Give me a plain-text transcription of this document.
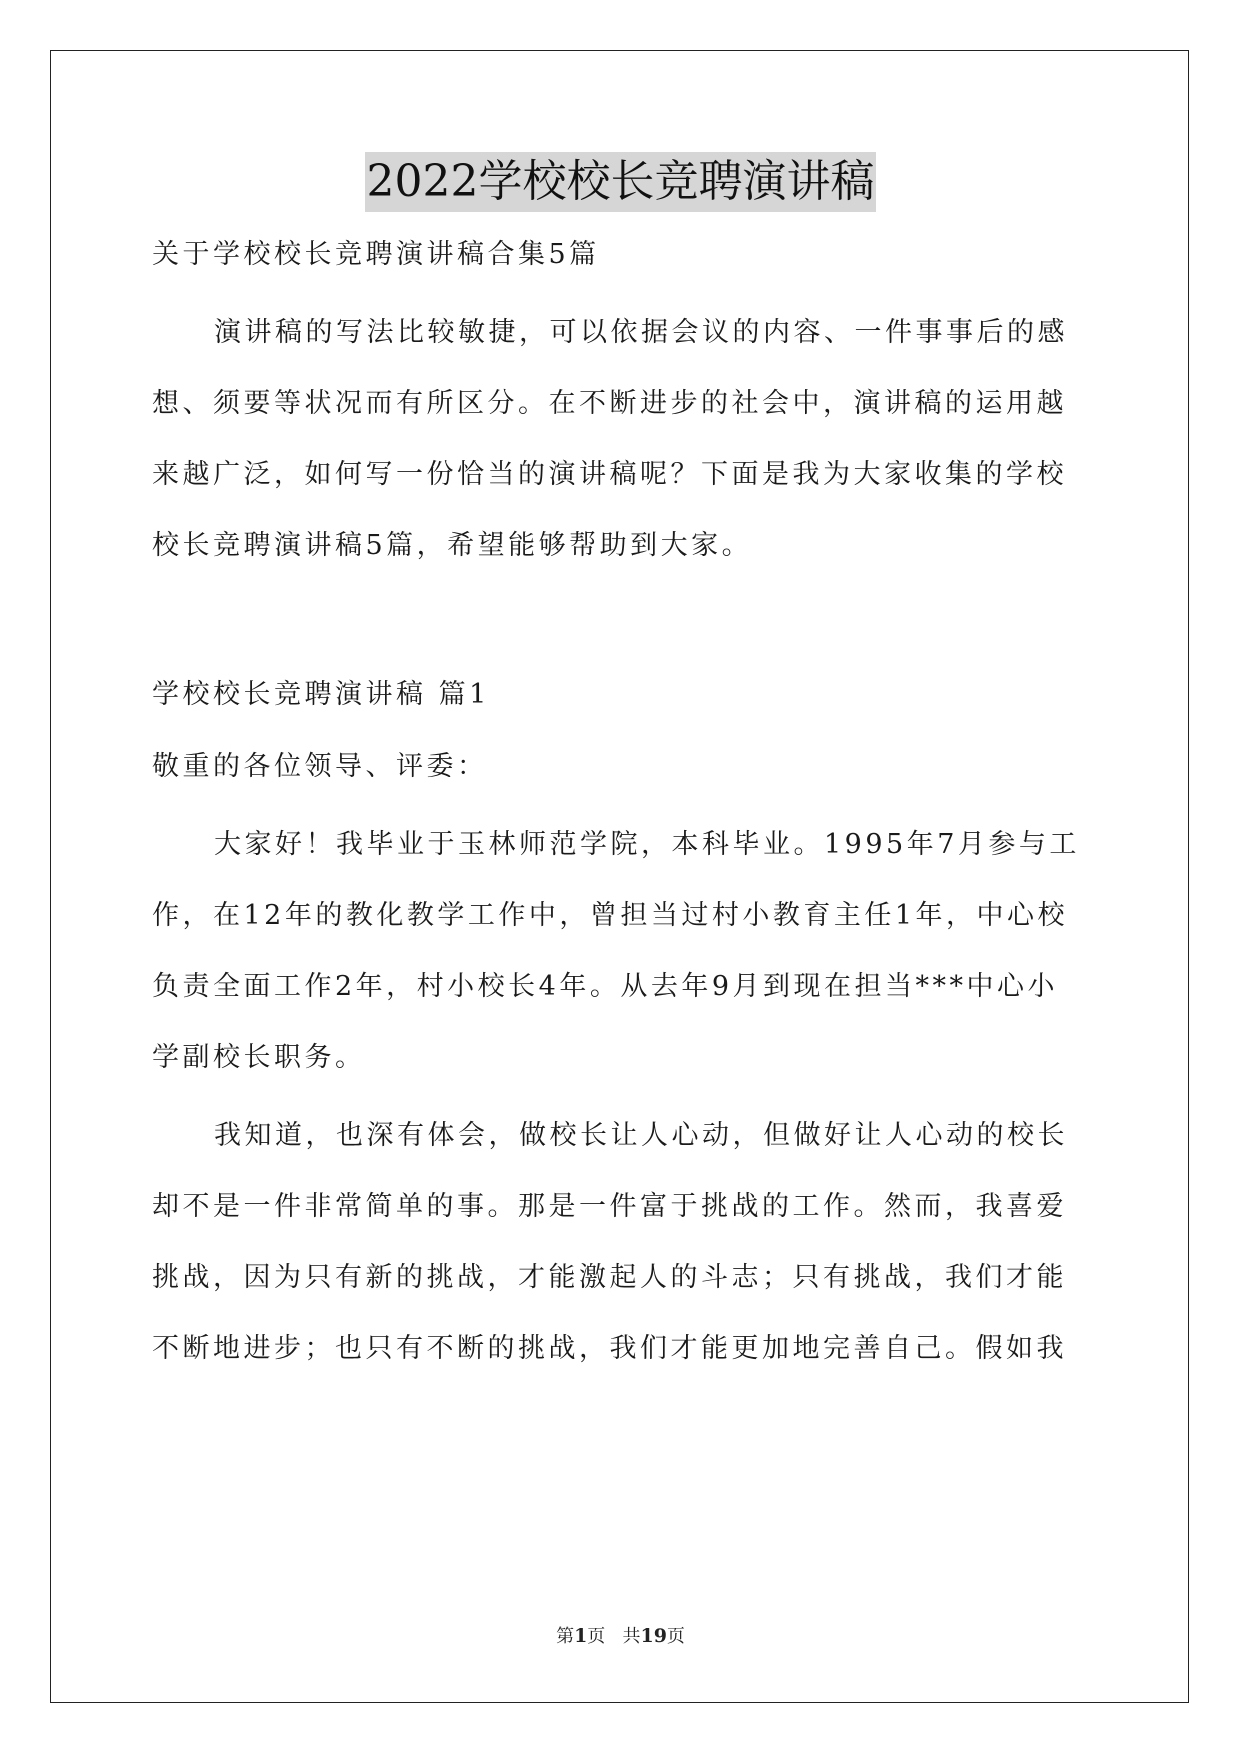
2022学校校长竞聘演讲稿
关于学校校长竞聘演讲稿合集5篇
演讲稿的写法比较敏捷，可以依据会议的内容、一件事事后的感
想、须要等状况而有所区分。在不断进步的社会中，演讲稿的运用越
来越广泛，如何写一份恰当的演讲稿呢？下面是我为大家收集的学校
校长竞聘演讲稿5篇，希望能够帮助到大家。
学校校长竞聘演讲稿 篇1
敬重的各位领导、评委：
大家好！我毕业于玉林师范学院，本科毕业。1995年7月参与工
作，在12年的教化教学工作中，曾担当过村小教育主任1年，中心校
负责全面工作2年，村小校长4年。从去年9月到现在担当***中心小
学副校长职务。
我知道，也深有体会，做校长让人心动，但做好让人心动的校长
却不是一件非常简单的事。那是一件富于挑战的工作。然而，我喜爱
挑战，因为只有新的挑战，才能激起人的斗志；只有挑战，我们才能
不断地进步；也只有不断的挑战，我们才能更加地完善自己。假如我
第1页 共19页
